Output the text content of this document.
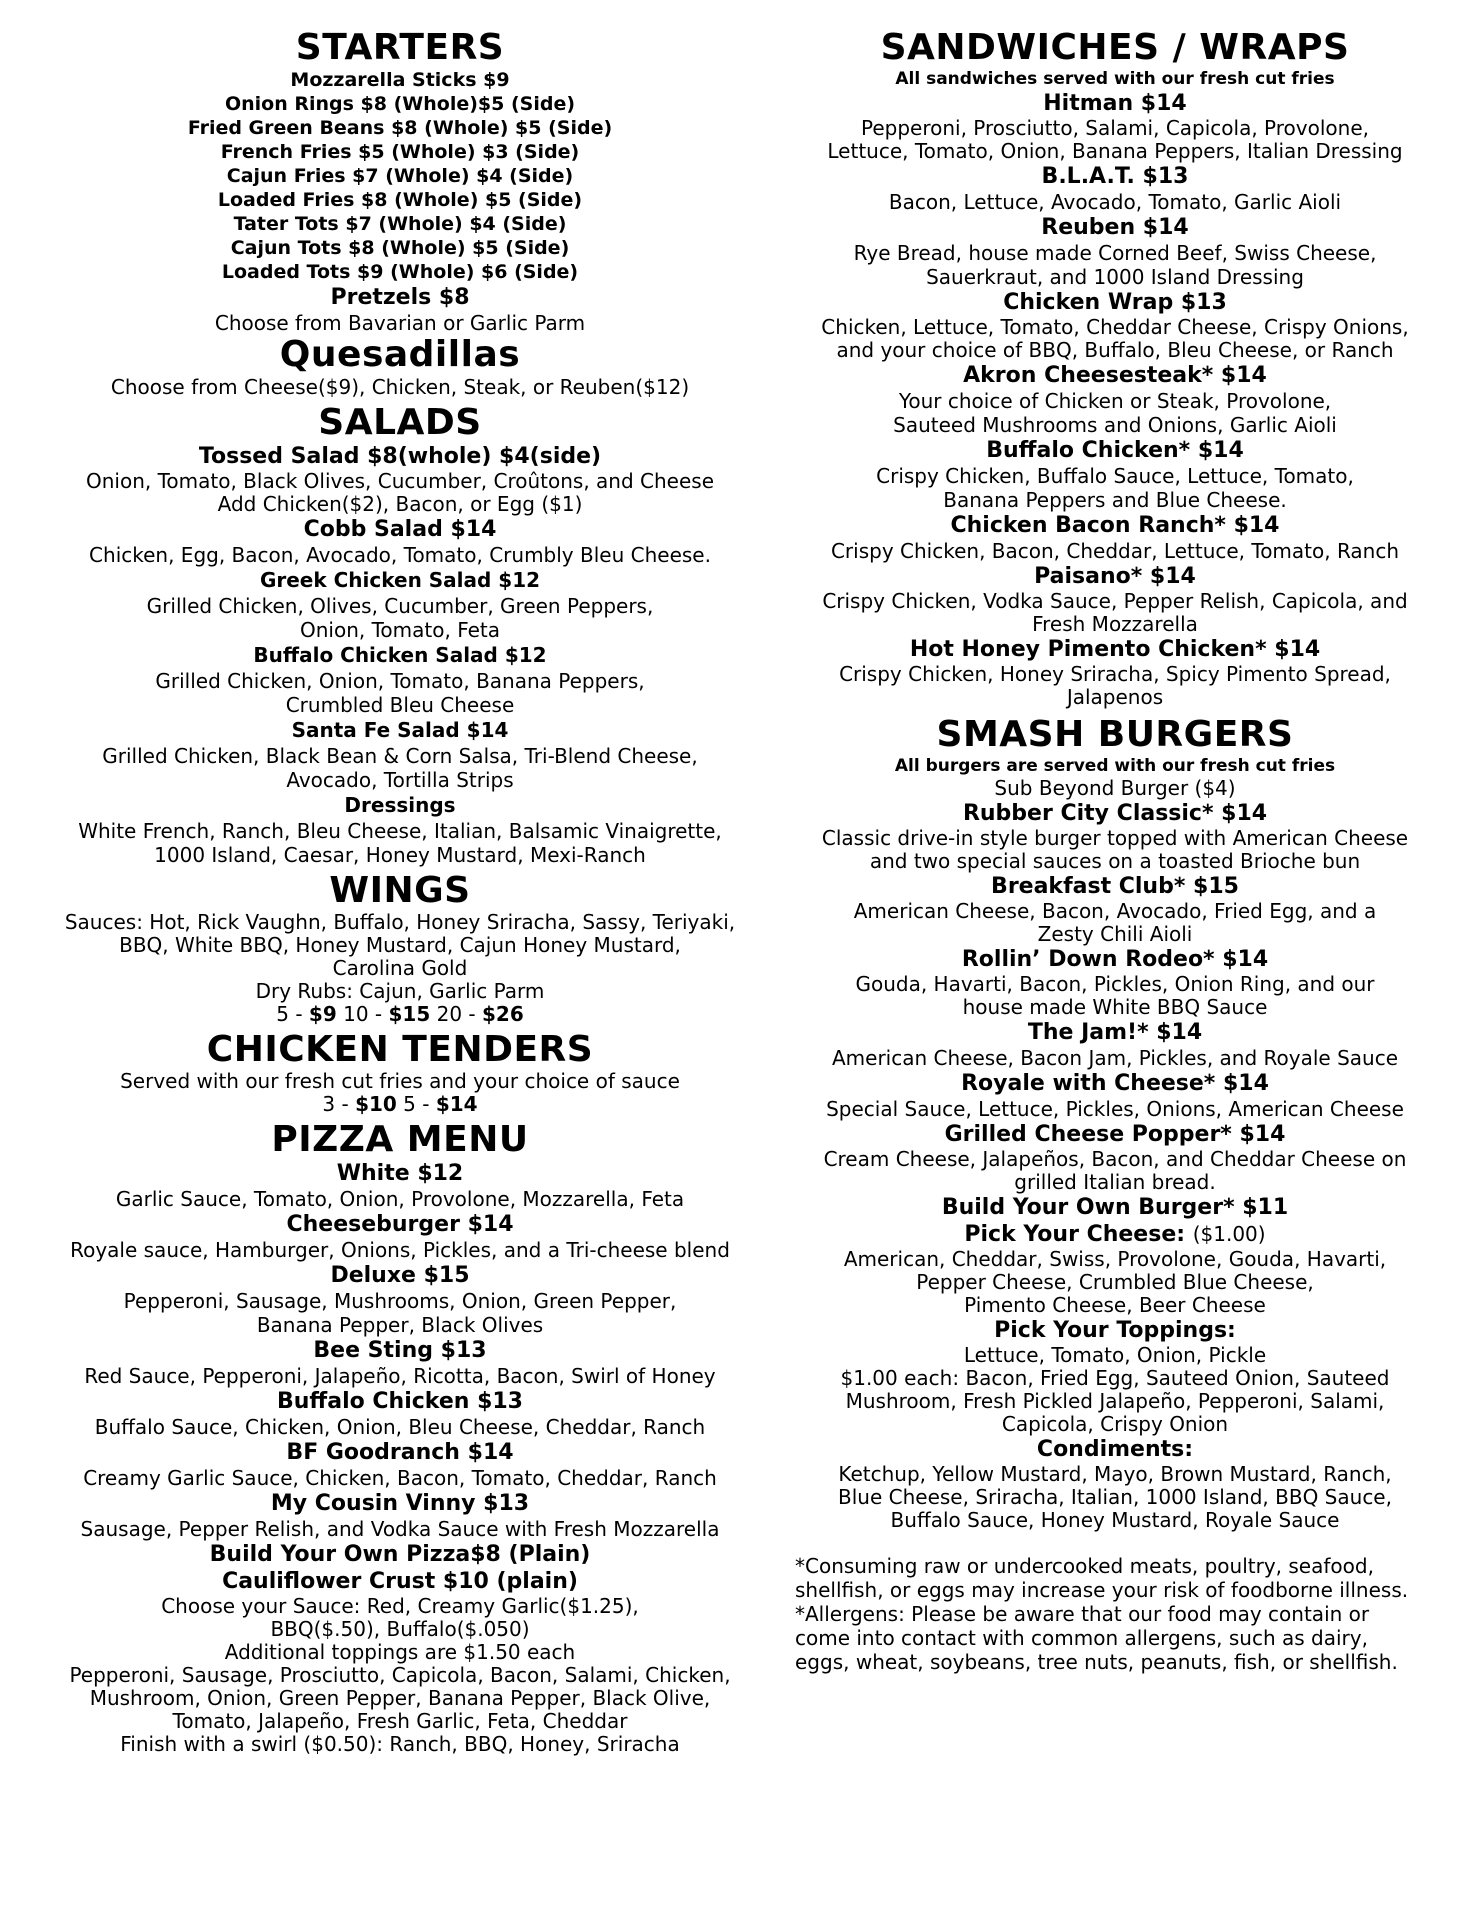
STARTERS
Mozzarella Sticks $9
Onion Rings $8 (Whole)$5 (Side)
Fried Green Beans $8 (Whole) $5 (Side)
French Fries $5 (Whole) $3 (Side)
Cajun Fries $7 (Whole) $4 (Side)
Loaded Fries $8 (Whole) $5 (Side)
Tater Tots $7 (Whole) $4 (Side)
Cajun Tots $8 (Whole) $5 (Side)
Loaded Tots $9 (Whole) $6 (Side)
Pretzels $8
Choose from Bavarian or Garlic Parm
Quesadillas
Choose from Cheese($9), Chicken, Steak, or Reuben($12)
SALADS
Tossed Salad $8(whole) $4(side)
Onion, Tomato, Black Olives, Cucumber, Croûtons, and Cheese
Add Chicken($2), Bacon, or Egg ($1)
Cobb Salad $14
Chicken, Egg, Bacon, Avocado, Tomato, Crumbly Bleu Cheese.
Greek Chicken Salad $12
Grilled Chicken, Olives, Cucumber, Green Peppers,
Onion, Tomato, Feta
Buffalo Chicken Salad $12
Grilled Chicken, Onion, Tomato, Banana Peppers,
Crumbled Bleu Cheese
Santa Fe Salad $14
Grilled Chicken, Black Bean & Corn Salsa, Tri-Blend Cheese,
Avocado, Tortilla Strips
Dressings
White French, Ranch, Bleu Cheese, Italian, Balsamic Vinaigrette,
1000 Island, Caesar, Honey Mustard, Mexi-Ranch
WINGS
Sauces: Hot, Rick Vaughn, Buffalo, Honey Sriracha, Sassy, Teriyaki,
BBQ, White BBQ, Honey Mustard, Cajun Honey Mustard,
Carolina Gold
Dry Rubs: Cajun, Garlic Parm
5 - $9 10 - $15 20 - $26
CHICKEN TENDERS
Served with our fresh cut fries and your choice of sauce
3 - $10 5 - $14
PIZZA MENU
White $12
Garlic Sauce, Tomato, Onion, Provolone, Mozzarella, Feta
Cheeseburger $14
Royale sauce, Hamburger, Onions, Pickles, and a Tri-cheese blend
Deluxe $15
Pepperoni, Sausage, Mushrooms, Onion, Green Pepper,
Banana Pepper, Black Olives
Bee Sting $13
Red Sauce, Pepperoni, Jalapeño, Ricotta, Bacon, Swirl of Honey
Buffalo Chicken $13
Buffalo Sauce, Chicken, Onion, Bleu Cheese, Cheddar, Ranch
BF Goodranch $14
Creamy Garlic Sauce, Chicken, Bacon, Tomato, Cheddar, Ranch
My Cousin Vinny $13
Sausage, Pepper Relish, and Vodka Sauce with Fresh Mozzarella
Build Your Own Pizza$8 (Plain)
Cauliflower Crust $10 (plain)
Choose your Sauce: Red, Creamy Garlic($1.25),
BBQ($.50), Buffalo($.050)
Additional toppings are $1.50 each
Pepperoni, Sausage, Prosciutto, Capicola, Bacon, Salami, Chicken,
Mushroom, Onion, Green Pepper, Banana Pepper, Black Olive,
Tomato, Jalapeño, Fresh Garlic, Feta, Cheddar
Finish with a swirl ($0.50): Ranch, BBQ, Honey, Sriracha
SANDWICHES / WRAPS
All sandwiches served with our fresh cut fries
Hitman $14
Pepperoni, Prosciutto, Salami, Capicola, Provolone,
Lettuce, Tomato, Onion, Banana Peppers, Italian Dressing
B.L.A.T. $13
Bacon, Lettuce, Avocado, Tomato, Garlic Aioli
Reuben $14
Rye Bread, house made Corned Beef, Swiss Cheese,
Sauerkraut, and 1000 Island Dressing
Chicken Wrap $13
Chicken, Lettuce, Tomato, Cheddar Cheese, Crispy Onions,
and your choice of BBQ, Buffalo, Bleu Cheese, or Ranch
Akron Cheesesteak* $14
Your choice of Chicken or Steak, Provolone,
Sauteed Mushrooms and Onions, Garlic Aioli
Buffalo Chicken* $14
Crispy Chicken, Buffalo Sauce, Lettuce, Tomato,
Banana Peppers and Blue Cheese.
Chicken Bacon Ranch* $14
Crispy Chicken, Bacon, Cheddar, Lettuce, Tomato, Ranch
Paisano* $14
Crispy Chicken, Vodka Sauce, Pepper Relish, Capicola, and
Fresh Mozzarella
Hot Honey Pimento Chicken* $14
Crispy Chicken, Honey Sriracha, Spicy Pimento Spread,
Jalapenos
SMASH BURGERS
All burgers are served with our fresh cut fries
Sub Beyond Burger ($4)
Rubber City Classic* $14
Classic drive-in style burger topped with American Cheese
and two special sauces on a toasted Brioche bun
Breakfast Club* $15
American Cheese, Bacon, Avocado, Fried Egg, and a
Zesty Chili Aioli
Rollin’ Down Rodeo* $14
Gouda, Havarti, Bacon, Pickles, Onion Ring, and our
house made White BBQ Sauce
The Jam!* $14
American Cheese, Bacon Jam, Pickles, and Royale Sauce
Royale with Cheese* $14
Special Sauce, Lettuce, Pickles, Onions, American Cheese
Grilled Cheese Popper* $14
Cream Cheese, Jalapeños, Bacon, and Cheddar Cheese on
grilled Italian bread.
Build Your Own Burger* $11
Pick Your Cheese: ($1.00)
American, Cheddar, Swiss, Provolone, Gouda, Havarti,
Pepper Cheese, Crumbled Blue Cheese,
Pimento Cheese, Beer Cheese
Pick Your Toppings:
Lettuce, Tomato, Onion, Pickle
$1.00 each: Bacon, Fried Egg, Sauteed Onion, Sauteed
Mushroom, Fresh Pickled Jalapeño, Pepperoni, Salami,
Capicola, Crispy Onion
Condiments:
Ketchup, Yellow Mustard, Mayo, Brown Mustard, Ranch,
Blue Cheese, Sriracha, Italian, 1000 Island, BBQ Sauce,
Buffalo Sauce, Honey Mustard, Royale Sauce
*Consuming raw or undercooked meats, poultry, seafood,
shellfish, or eggs may increase your risk of foodborne illness.
*Allergens: Please be aware that our food may contain or
come into contact with common allergens, such as dairy,
eggs, wheat, soybeans, tree nuts, peanuts, fish, or shellfish.
